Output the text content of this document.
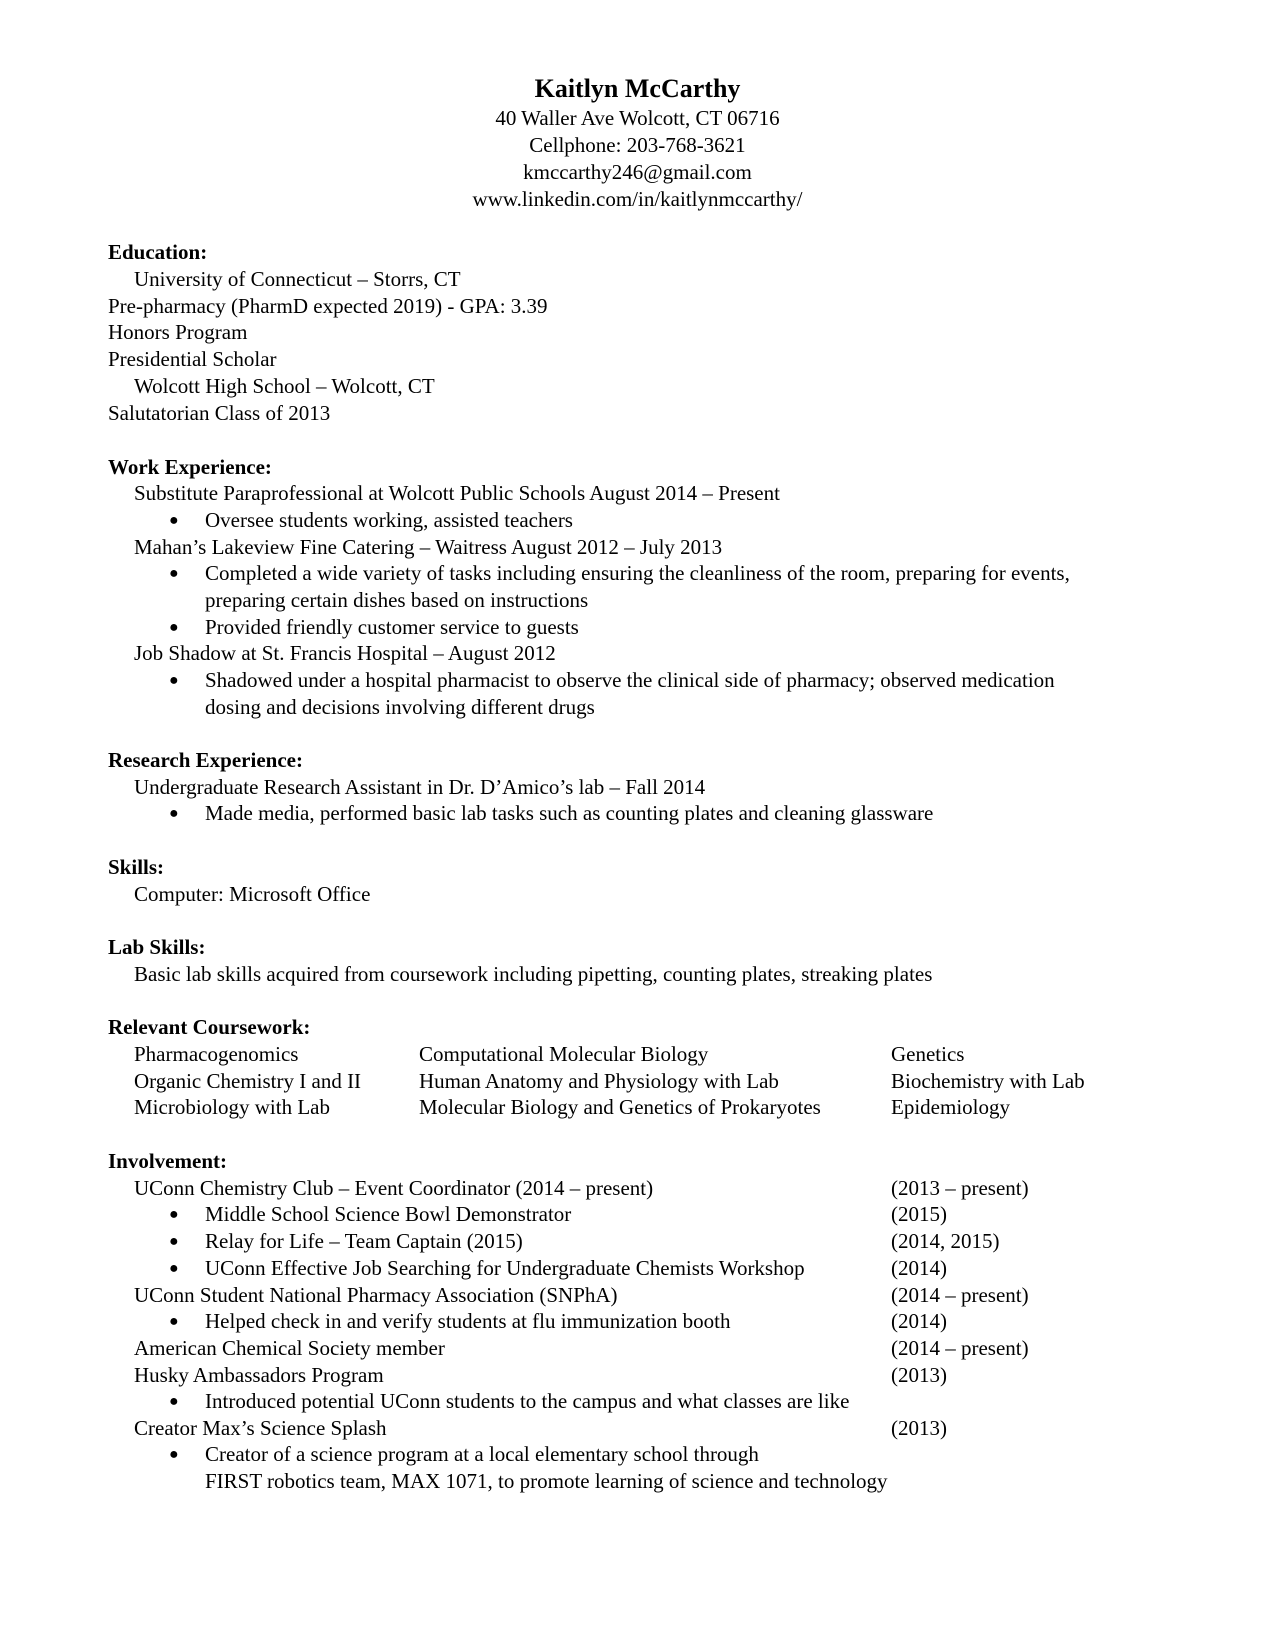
Kaitlyn McCarthy
40 Waller Ave Wolcott, CT 06716
Cellphone: 203-768-3621
kmccarthy246@gmail.com
www.linkedin.com/in/kaitlynmccarthy/
Education:
University of Connecticut – Storrs, CT
Pre-pharmacy (PharmD expected 2019) - GPA: 3.39
Honors Program
Presidential Scholar
Wolcott High School – Wolcott, CT
Salutatorian Class of 2013
Work Experience:
Substitute Paraprofessional at Wolcott Public Schools August 2014 – Present
● Oversee students working, assisted teachers
Mahan’s Lakeview Fine Catering – Waitress August 2012 – July 2013
● Completed a wide variety of tasks including ensuring the cleanliness of the room, preparing for events,
preparing certain dishes based on instructions
● Provided friendly customer service to guests
Job Shadow at St. Francis Hospital – August 2012
● Shadowed under a hospital pharmacist to observe the clinical side of pharmacy; observed medication
dosing and decisions involving different drugs
Research Experience:
Undergraduate Research Assistant in Dr. D’Amico’s lab – Fall 2014
● Made media, performed basic lab tasks such as counting plates and cleaning glassware
Skills:
Computer: Microsoft Office
Lab Skills:
Basic lab skills acquired from coursework including pipetting, counting plates, streaking plates
Relevant Coursework:
Pharmacogenomics	Computational Molecular Biology	Genetics
Organic Chemistry I and II	Human Anatomy and Physiology with Lab	Biochemistry with Lab
Microbiology with Lab	Molecular Biology and Genetics of Prokaryotes	Epidemiology
Involvement:
UConn Chemistry Club – Event Coordinator (2014 – present)	(2013 – present)
● Middle School Science Bowl Demonstrator	(2015)
● Relay for Life – Team Captain (2015)	(2014, 2015)
● UConn Effective Job Searching for Undergraduate Chemists Workshop	(2014)
UConn Student National Pharmacy Association (SNPhA)	(2014 – present)
● Helped check in and verify students at flu immunization booth	(2014)
American Chemical Society member	(2014 – present)
Husky Ambassadors Program	(2013)
● Introduced potential UConn students to the campus and what classes are like
Creator Max’s Science Splash	(2013)
● Creator of a science program at a local elementary school through
FIRST robotics team, MAX 1071, to promote learning of science and technology
